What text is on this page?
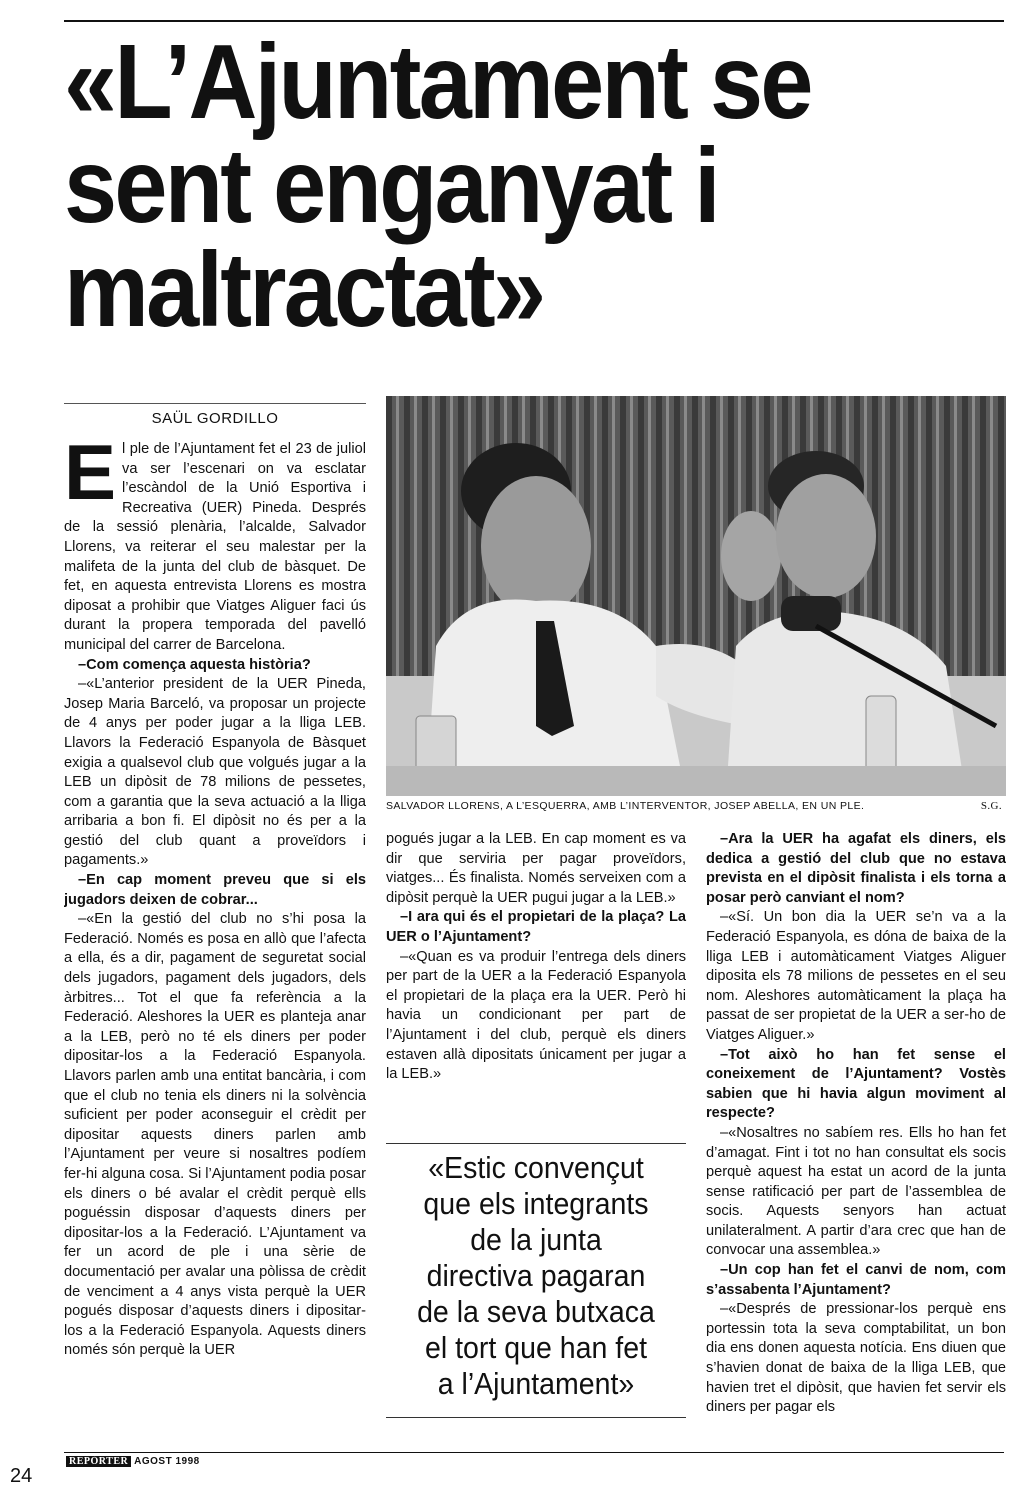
«L’Ajuntament se
sent enganyat i
maltractat»
SAÜL GORDILLO
E l ple de l’Ajuntament fet el 23 de juliol va ser l’escenari on va esclatar l’escàndol de la Unió Esportiva i Recreativa (UER) Pineda. Després de la sessió plenària, l’alcalde, Salvador Llorens, va reiterar el seu malestar per la malifeta de la junta del club de bàsquet. De fet, en aquesta entrevista Llorens es mostra diposat a prohibir que Viatges Aliguer faci ús durant la propera temporada del pavelló municipal del carrer de Barcelona.

–Com comença aquesta història?

–«L’anterior president de la UER Pineda, Josep Maria Barceló, va proposar un projecte de 4 anys per poder jugar a la lliga LEB. Llavors la Federació Espanyola de Bàsquet exigia a qualsevol club que volgués jugar a la LEB un dipòsit de 78 milions de pessetes, com a garantia que la seva actuació a la lliga arribaria a bon fi. El dipòsit no és per a la gestió del club quant a proveïdors i pagaments.»

–En cap moment preveu que si els jugadors deixen de cobrar...

–«En la gestió del club no s’hi posa la Federació. Només es posa en allò que l’afecta a ella, és a dir, pagament de seguretat social dels jugadors, pagament dels jugadors, dels àrbitres... Tot el que fa referència a la Federació. Aleshores la UER es planteja anar a la LEB, però no té els diners per poder dipositar-los a la Federació Espanyola. Llavors parlen amb una entitat bancària, i com que el club no tenia els diners ni la solvència suficient per poder aconseguir el crèdit per dipositar aquests diners parlen amb l’Ajuntament per veure si nosaltres podíem fer-hi alguna cosa. Si l’Ajuntament podia posar els diners o bé avalar el crèdit perquè ells poguéssin disposar d’aquests diners per dipositar-los a la Federació. L’Ajuntament va fer un acord de ple i una sèrie de documentació per avalar una pòlissa de crèdit de venciment a 4 anys vista perquè la UER pogués disposar d’aquests diners i dipositar-los a la Federació Espanyola. Aquests diners només són perquè la UER

SALVADOR LLORENS, A L’ESQUERRA, AMB L’INTERVENTOR, JOSEP ABELLA, EN UN PLE.	S.G.

pogués jugar a la LEB. En cap moment es va dir que serviria per pagar proveïdors, viatges... És finalista. Només serveixen com a dipòsit perquè la UER pugui jugar a la LEB.»

–I ara qui és el propietari de la plaça? La UER o l’Ajuntament?

–«Quan es va produir l’entrega dels diners per part de la UER a la Federació Espanyola el propietari de la plaça era la UER. Però hi havia un condicionant per part de l’Ajuntament i del club, perquè els diners estaven allà dipositats únicament per jugar a la LEB.»

«Estic convençut
que els integrants
de la junta
directiva pagaran
de la seva butxaca
el tort que han fet
a l’Ajuntament»

–Ara la UER ha agafat els diners, els dedica a gestió del club que no estava prevista en el dipòsit finalista i els torna a posar però canviant el nom?

–«Sí. Un bon dia la UER se’n va a la Federació Espanyola, es dóna de baixa de la lliga LEB i automàticament Viatges Aliguer diposita els 78 milions de pessetes en el seu nom. Aleshores automàticament la plaça ha passat de ser propietat de la UER a ser-ho de Viatges Aliguer.»

–Tot això ho han fet sense el coneixement de l’Ajuntament? Vostès sabien que hi havia algun moviment al respecte?

–«Nosaltres no sabíem res. Ells ho han fet d’amagat. Fint i tot no han consultat els socis perquè aquest ha estat un acord de la junta sense ratificació per part de l’assemblea de socis. Aquests senyors han actuat unilateralment. A partir d’ara crec que han de convocar una assemblea.»

–Un cop han fet el canvi de nom, com s’assabenta l’Ajuntament?

–«Després de pressionar-los perquè ens portessin tota la seva comptabilitat, un bon dia ens donen aquesta notícia. Ens diuen que s’havien donat de baixa de la lliga LEB, que havien tret el dipòsit, que havien fet servir els diners per pagar els

24
REPÒRTER AGOST 1998
